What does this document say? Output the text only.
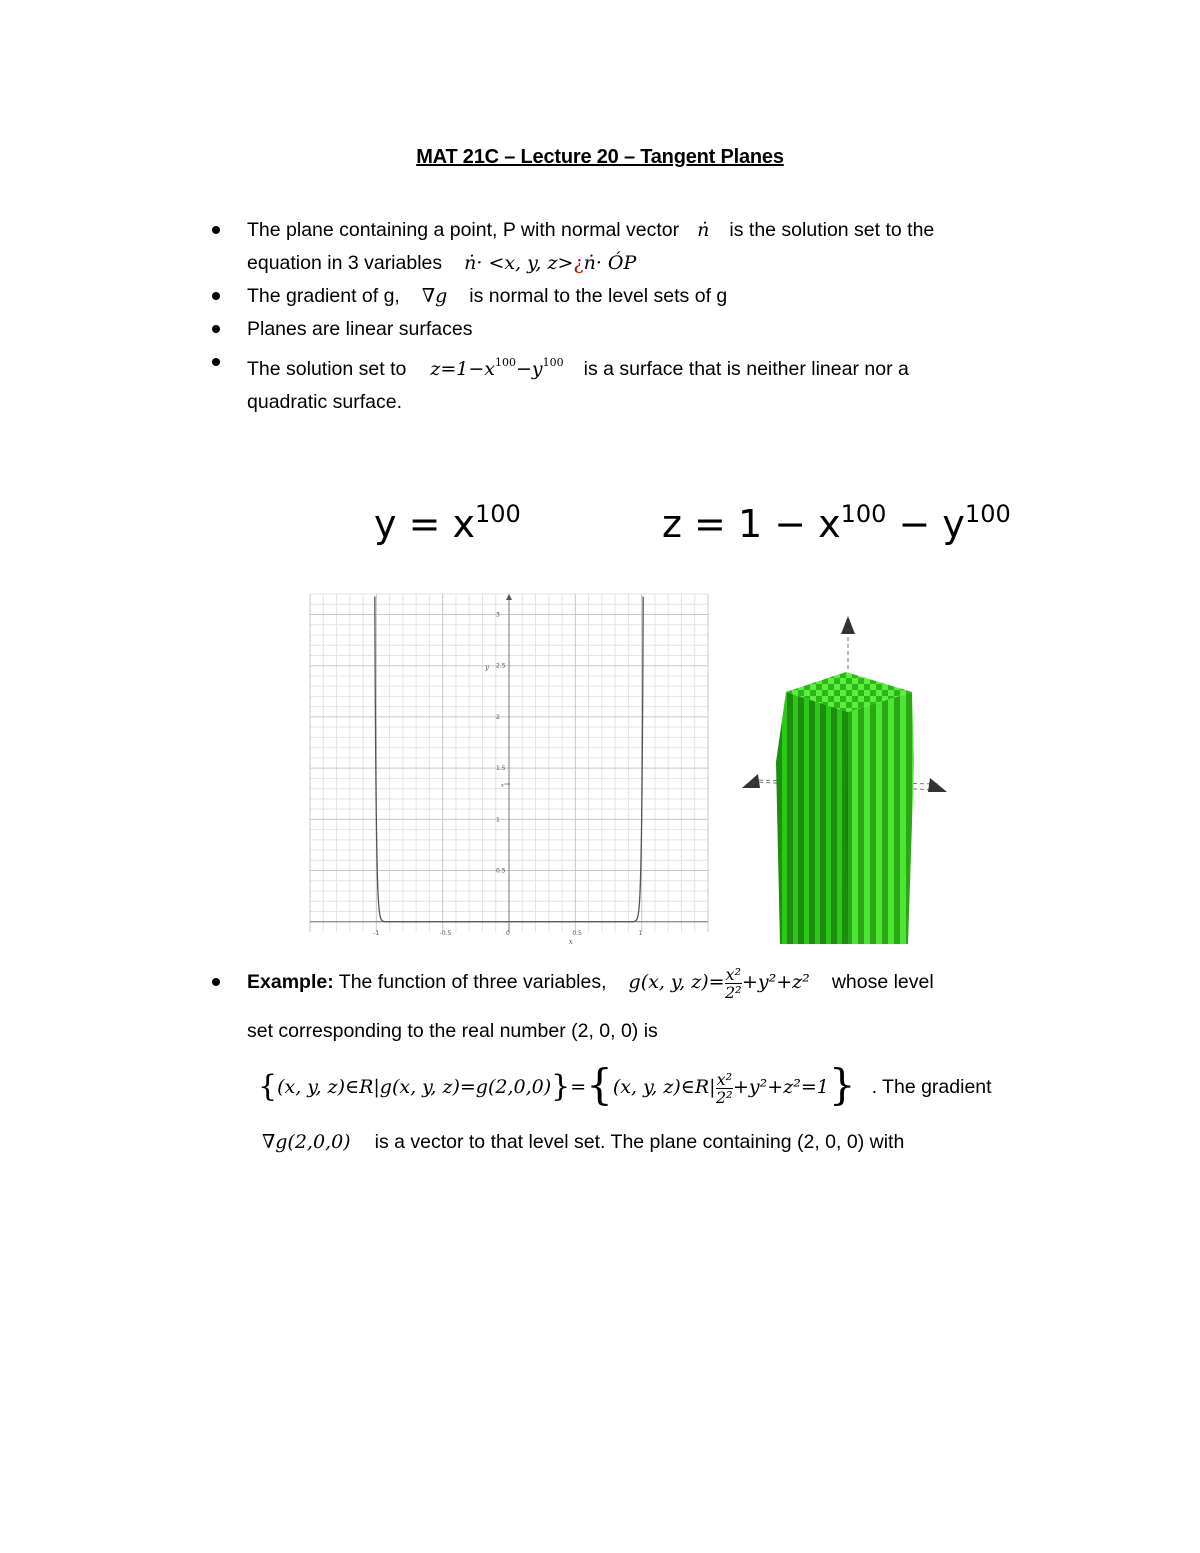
MAT 21C – Lecture 20 – Tangent Planes
The plane containing a point, P with normal vector ṅ is the solution set to the
equation in 3 variables ṅ· <x, y, z>¿ṅ· ÓP
The gradient of g, ∇g is normal to the level sets of g
Planes are linear surfaces
The solution set to $z=1-x^{100}-y^{100}$ is a surface that is neither linear nor a
quadratic surface.
$y = x^{100}$	$z = 1 - x^{100} - y^{100}$
-1	-0.5	0	0.5	1
0.5
1
1.5
2
2.5
3
x
y
x¹⁰⁰
Example: The function of three variables, g(x, y, $z)= \frac{\text{x²}}{\text{2²}} +y^2+z^2$ whose level
set corresponding to the real number (2, 0, 0) is
{(x, y, z)∈R|g(x, y, z)=g(2,0,0)}={(x, y, z)∈R| $\frac{\text{x²}}{\text{2²}} +y^2+z^2=1$} . The gradient
∇g(2,0,0) is a vector to that level set. The plane containing (2, 0, 0) with
